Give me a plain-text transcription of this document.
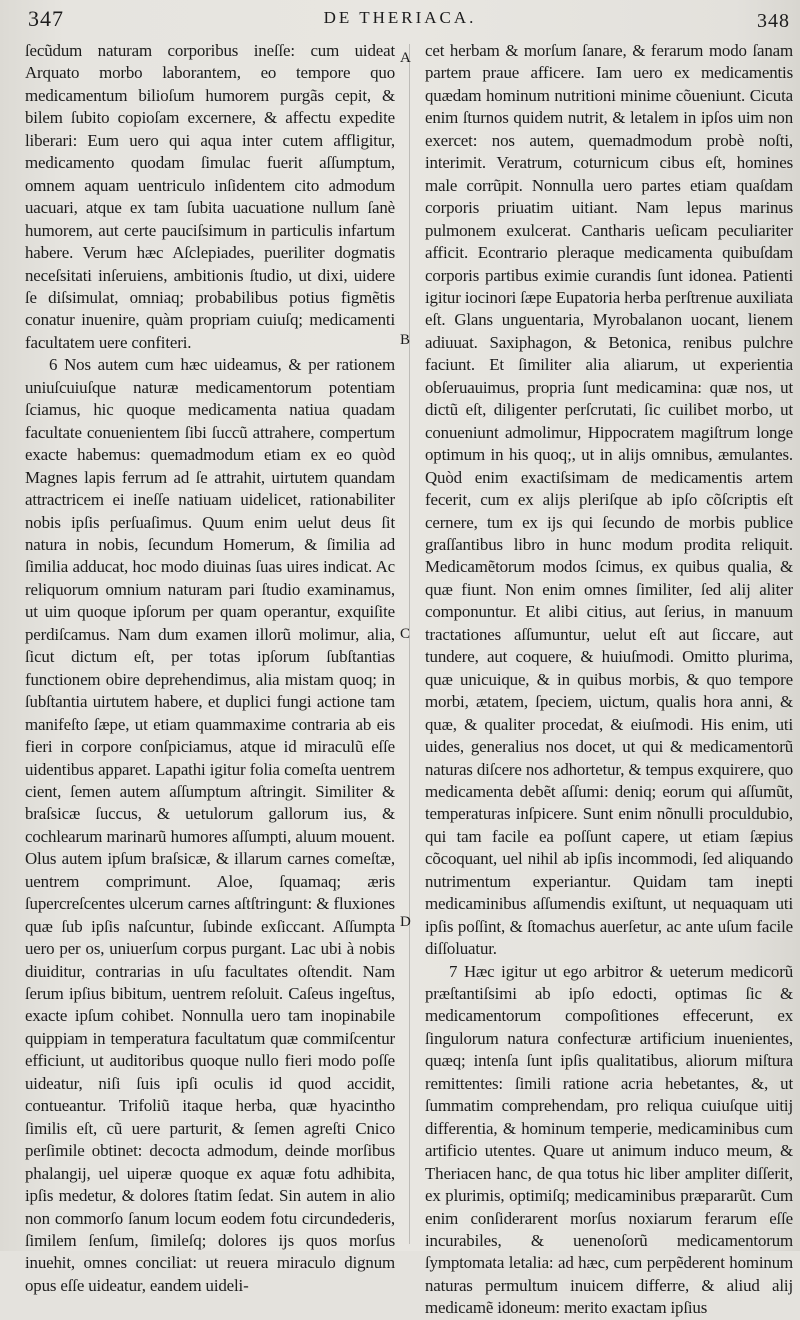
347	DE THERIACA.	348

ſecũdum naturam corporibus ineſſe: cum uideat Arquato morbo laborantem, eo tempore quo medicamentum bilioſum humorem purgãs cepit, & bilem ſubito copioſam excernere, & affectu expedite liberari: Eum uero qui aqua inter cutem affligitur, medicamento quodam ſimulac fuerit aſſumptum, omnem aquam uentriculo inſidentem cito admodum uacuari, atque ex tam ſubita uacuatione nullum ſanè humorem, aut certe pauciſsimum in particulis infartum habere. Verum hæc Aſclepiades, pueriliter dogmatis neceſsitati inſeruiens, ambitionis ſtudio, ut dixi, uidere ſe diſsimulat, omniaq; probabilibus potius figmẽtis conatur inuenire, quàm propriam cuiuſq; medicamenti facultatem uere confiteri.

6 Nos autem cum hæc uideamus, & per rationem uniuſcuiuſque naturæ medicamentorum potentiam ſciamus, hic quoque medicamenta natiua quadam facultate conuenientem ſibi ſuccũ attrahere, compertum exacte habemus: quemadmodum etiam ex eo quòd Magnes lapis ferrum ad ſe attrahit, uirtutem quandam attractricem ei ineſſe natiuam uidelicet, rationabiliter nobis ipſis perſuaſimus. Quum enim uelut deus ſit natura in nobis, ſecundum Homerum, & ſimilia ad ſimilia adducat, hoc modo diuinas ſuas uires indicat. Ac reliquorum omnium naturam pari ſtudio examinamus, ut uim quoque ipſorum per quam operantur, exquiſite perdiſcamus. Nam dum examen illorũ molimur, alia, ſicut dictum eſt, per totas ipſorum ſubſtantias functionem obire deprehendimus, alia mistam quoq; in ſubſtantia uirtutem habere, et duplici fungi actione tam manifeſto ſæpe, ut etiam quammaxime contraria ab eis fieri in corpore conſpiciamus, atque id miraculũ eſſe uidentibus apparet. Lapathi igitur folia comeſta uentrem cient, ſemen autem aſſumptum aſtringit. Similiter & braſsicæ ſuccus, & uetulorum gallorum ius, & cochlearum marinarũ humores aſſumpti, aluum mouent. Olus autem ipſum braſsicæ, & illarum carnes comeſtæ, uentrem comprimunt. Aloe, ſquamaq; æris ſupercreſcentes ulcerum carnes aſtſtringunt: & fluxiones quæ ſub ipſis naſcuntur, ſubinde exſiccant. Aſſumpta uero per os, uniuerſum corpus purgant. Lac ubi à nobis diuiditur, contrarias in uſu facultates oſtendit. Nam ſerum ipſius bibitum, uentrem reſoluit. Caſeus ingeſtus, exacte ipſum cohibet. Nonnulla uero tam inopinabile quippiam in temperatura facultatum quæ commiſcentur efficiunt, ut auditoribus quoque nullo fieri modo poſſe uideatur, niſi ſuis ipſi oculis id quod accidit, contueantur. Trifoliũ itaque herba, quæ hyacintho ſimilis eſt, cũ uere parturit, & ſemen agreſti Cnico perſimile obtinet: decocta admodum, deinde morſibus phalangij, uel uiperæ quoque ex aquæ fotu adhibita, ipſis medetur, & dolores ſtatim ſedat. Sin autem in alio non commorſo ſanum locum eodem fotu circundederis, ſimilem ſenſum, ſimileſq; dolores ijs quos morſus inuehit, omnes conciliat: ut reuera miraculo dignum opus eſſe uideatur, eandem uideli-

A
B
C
D

cet herbam & morſum ſanare, & ferarum modo ſanam partem praue afficere. Iam uero ex medicamentis quædam hominum nutritioni minime cõueniunt. Cicuta enim ſturnos quidem nutrit, & letalem in ipſos uim non exercet: nos autem, quemadmodum probè noſti, interimit. Veratrum, coturnicum cibus eſt, homines male corrũpit. Nonnulla uero partes etiam quaſdam corporis priuatim uitiant. Nam lepus marinus pulmonem exulcerat. Cantharis ueſicam peculiariter afficit. Econtrario pleraque medicamenta quibuſdam corporis partibus eximie curandis ſunt idonea. Patienti igitur iocinori ſæpe Eupatoria herba perſtrenue auxiliata eſt. Glans unguentaria, Myrobalanon uocant, lienem adiuuat. Saxiphagon, & Betonica, renibus pulchre faciunt. Et ſimiliter alia aliarum, ut experientia obſeruauimus, propria ſunt medicamina: quæ nos, ut dictũ eſt, diligenter perſcrutati, ſic cuilibet morbo, ut conueniunt admolimur, Hippocratem magiſtrum longe optimum in his quoq;, ut in alijs omnibus, æmulantes. Quòd enim exactiſsimam de medicamentis artem fecerit, cum ex alijs pleriſque ab ipſo cõſcriptis eſt cernere, tum ex ijs qui ſecundo de morbis publice graſſantibus libro in hunc modum prodita reliquit. Medicamẽtorum modos ſcimus, ex quibus qualia, & quæ fiunt. Non enim omnes ſimiliter, ſed alij aliter componuntur. Et alibi citius, aut ſerius, in manuum tractationes aſſumuntur, uelut eſt aut ſiccare, aut tundere, aut coquere, & huiuſmodi. Omitto plurima, quæ unicuique, & in quibus morbis, & quo tempore morbi, ætatem, ſpeciem, uictum, qualis hora anni, & quæ, & qualiter procedat, & eiuſmodi. His enim, uti uides, generalius nos docet, ut qui & medicamentorũ naturas diſcere nos adhortetur, & tempus exquirere, quo medicamenta debẽt aſſumi: deniq; eorum qui aſſumũt, temperaturas inſpicere. Sunt enim nõnulli proculdubio, qui tam facile ea poſſunt capere, ut etiam ſæpius cõcoquant, uel nihil ab ipſis incommodi, ſed aliquando nutrimentum experiantur. Quidam tam inepti medicaminibus aſſumendis exiſtunt, ut nequaquam uti ipſis poſſint, & ſtomachus auerſetur, ac ante uſum facile diſſoluatur.

7 Hæc igitur ut ego arbitror & ueterum medicorũ præſtantiſsimi ab ipſo edocti, optimas ſic & medicamentorum compoſitiones effecerunt, ex ſingulorum natura confecturæ artificium inuenientes, quæq; intenſa ſunt ipſis qualitatibus, aliorum miſtura remittentes: ſimili ratione acria hebetantes, &, ut ſummatim comprehendam, pro reliqua cuiuſque uitij differentia, & hominum temperie, medicaminibus cum artificio utentes. Quare ut animum induco meum, & Theriacen hanc, de qua totus hic liber ampliter diſſerit, ex plurimis, optimiſq; medicaminibus præpararũt. Cum enim conſiderarent morſus noxiarum ferarum eſſe incurabiles, & uenenoſorũ medicamentorum ſymptomata letalia: ad hæc, cum perpẽderent hominum naturas permultum inuicem differre, & aliud alij medicamẽ idoneum: merito exactam ipſius
